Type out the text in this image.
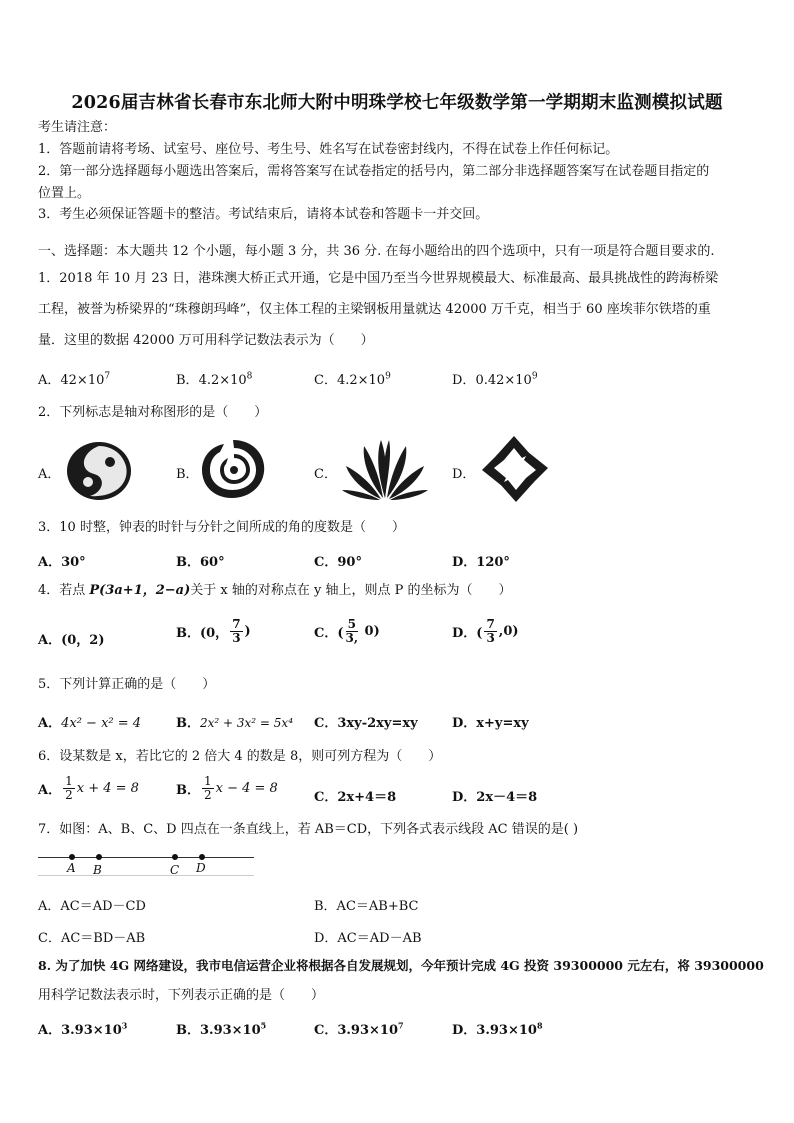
2026届吉林省长春市东北师大附中明珠学校七年级数学第一学期期末监测模拟试题
考生请注意：
1．答题前请将考场、试室号、座位号、考生号、姓名写在试卷密封线内，不得在试卷上作任何标记。
2．第一部分选择题每小题选出答案后，需将答案写在试卷指定的括号内，第二部分非选择题答案写在试卷题目指定的
位置上。
3．考生必须保证答题卡的整洁。考试结束后，请将本试卷和答题卡一并交回。
一、选择题：本大题共 12 个小题，每小题 3 分，共 36 分. 在每小题给出的四个选项中，只有一项是符合题目要求的.
1．2018 年 10 月 23 日，港珠澳大桥正式开通，它是中国乃至当今世界规模最大、标准最高、最具挑战性的跨海桥梁
工程，被誉为桥梁界的“珠穆朗玛峰”，仅主体工程的主梁钢板用量就达 42000 万千克，相当于 60 座埃菲尔铁塔的重
量．这里的数据 42000 万可用科学记数法表示为（　　）
A．$42\times 10^7$	B．$4.2\times 10^8$	C．$4.2\times 10^9$	D．$0.42\times 10^9$
2．下列标志是轴对称图形的是（　　）
A．	B．	C．	D．
3．10 时整，钟表的时针与分针之间所成的角的度数是（　　）
A．30°	B．60°	C．90°	D．120°
4．若点 P(3a+1，2−a)关于 x 轴的对称点在 y 轴上，则点 P 的坐标为（　　）
A．(0，2)	B．(0， $\frac{7}{3}$ )	C．( $\frac{5}{3,} 0$)	D．( $\frac{7}{3} ,0$)
5．下列计算正确的是（　　）
A．4x² − x² = 4	B．2x² + 3x² = 5x⁴ C．3xy-2xy=xy	D．x+y=xy
6．设某数是 x，若比它的 2 倍大 4 的数是 8，则可列方程为（　　）
A． $\frac{1}{2}$ x + 4 = 8	B． $\frac{1}{2}$ x − 4 = 8
C．2x+4＝8	D．2x－4＝8
7．如图：A、B、C、D 四点在一条直线上，若 AB＝CD，下列各式表示线段 AC 错误的是( )
A B	C D
A．AC＝AD－CD	B．AC＝AB+BC
C．AC＝BD－AB	D．AC＝AD－AB
8. 为了加快 4G 网络建设，我市电信运营企业将根据各自发展规划，今年预计完成 4G 投资 39300000 元左右，将 39300000
用科学记数法表示时，下列表示正确的是（　　）
A．$3.93\times 10^3$	B．$3.93\times 10^5$	C．$3.93\times 10^7$	D．$3.93\times 10^8$
